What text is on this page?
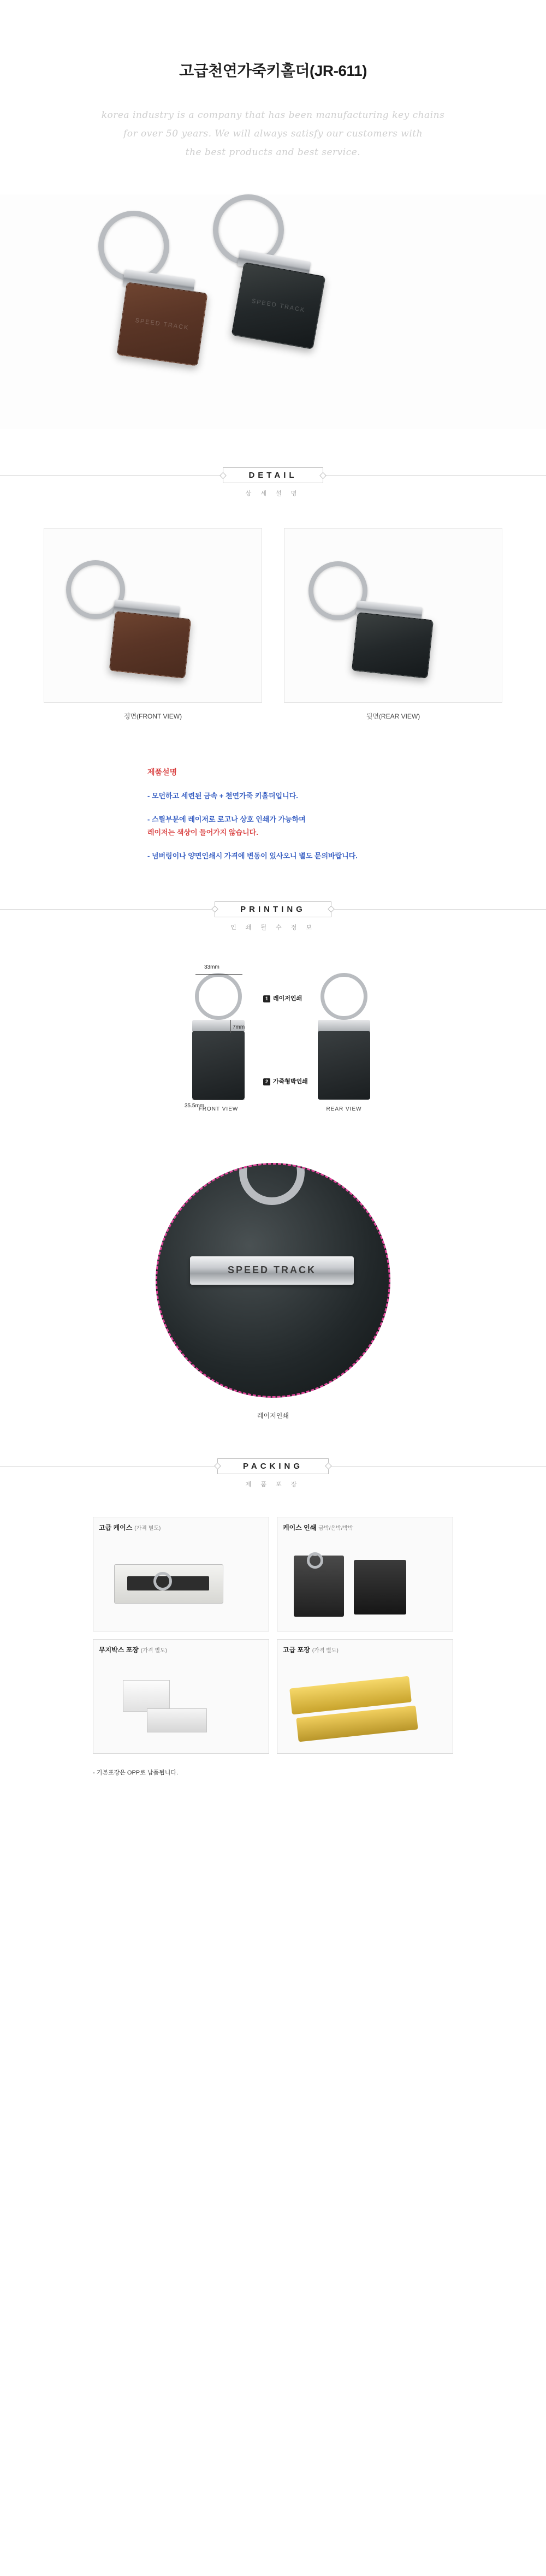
고급천연가죽키홀더(JR-611)
korea industry is a company that has been manufacturing key chains
for over 50 years. We will always satisfy our customers with
the best products and best service.
SPEED TRACK
SPEED TRACK
DETAIL
상 세 설 명
정면(FRONT VIEW)	뒷면(REAR VIEW)
제품설명
- 모던하고 세련된 금속 + 천연가죽 키홀더입니다.
- 스틸부분에 레이저로 로고나 상호 인쇄가 가능하며
레이저는 색상이 들어가지 않습니다.
- 넘버링이나 양면인쇄시 가격에 변동이 있사오니 별도 문의바랍니다.
PRINTING
인 쇄 뒬 수 정 보
FRONT VIEW	REAR VIEW
33mm
7mm
35.5mm
1 레이저인쇄
2 가죽형박인쇄
SPEED TRACK
레이저인쇄
PACKING
제 품 포 장
고급 케이스 (가격 별도)	케이스 인쇄 금박/은박/박박
무지박스 포장 (가격 별도)	고급 포장 (가격 별도)
- 기본포장은 OPP로 납품됩니다.
